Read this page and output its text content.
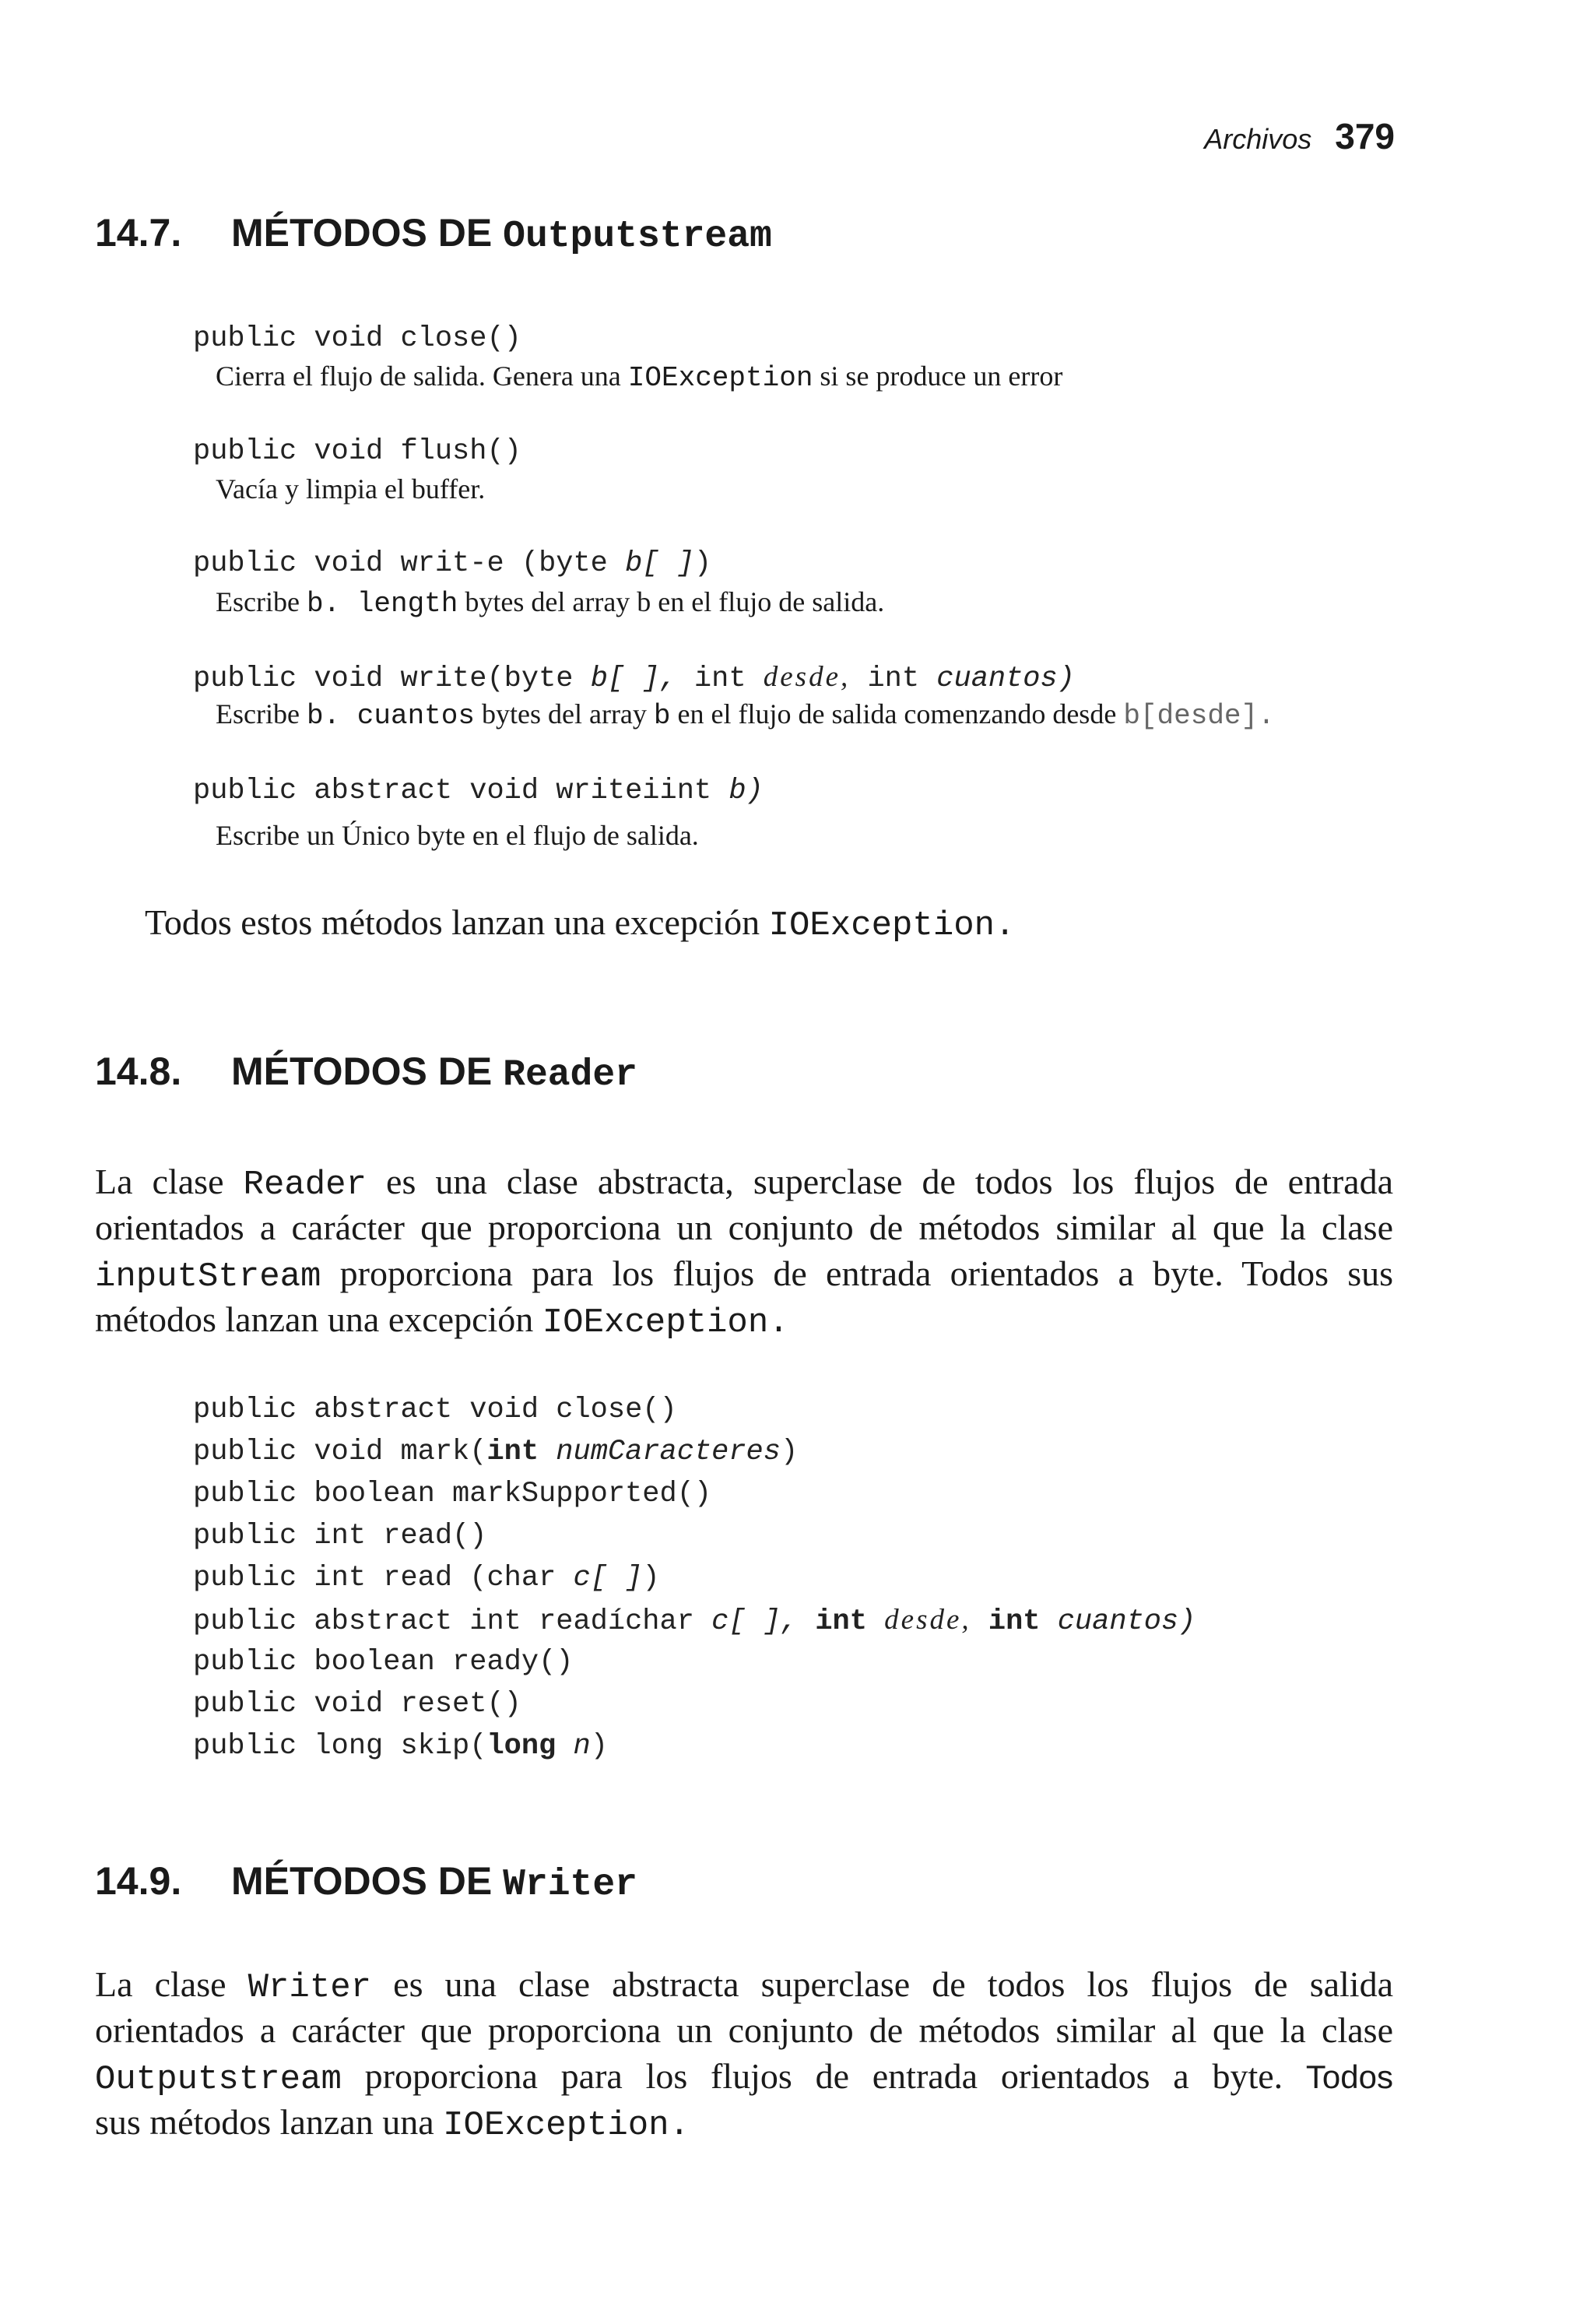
Archivos 379
14.7. MÉTODOS DE Outputstream
public void close()
Cierra el flujo de salida. Genera una IOException si se produce un error
public void flush()
Vacía y limpia el buffer.
public void writ-e (byte b[ ])
Escribe b. length bytes del array b en el flujo de salida.
public void write(byte b[ ], int desde, int cuantos)
Escribe b. cuantos bytes del array b en el flujo de salida comenzando desde b[desde].
public abstract void writeiint b)
Escribe un Único byte en el flujo de salida.
Todos estos métodos lanzan una excepción IOException.
14.8. MÉTODOS DE Reader
La clase Reader es una clase abstracta, superclase de todos los flujos de entrada
orientados a carácter que proporciona un conjunto de métodos similar al que la clase
inputStream proporciona para los flujos de entrada orientados a byte. Todos sus
métodos lanzan una excepción IOException.
public abstract void close()
public void mark(int numCaracteres)
public boolean markSupported()
public int read()
public int read (char c[ ])
public abstract int readíchar c[ ], int desde, int cuantos)
public boolean ready()
public void reset()
public long skip(long n)
14.9. MÉTODOS DE Writer
La clase Writer es una clase abstracta superclase de todos los flujos de salida
orientados a carácter que proporciona un conjunto de métodos similar al que la clase
Outputstream proporciona para los flujos de entrada orientados a byte. Todos
sus métodos lanzan una IOException.
